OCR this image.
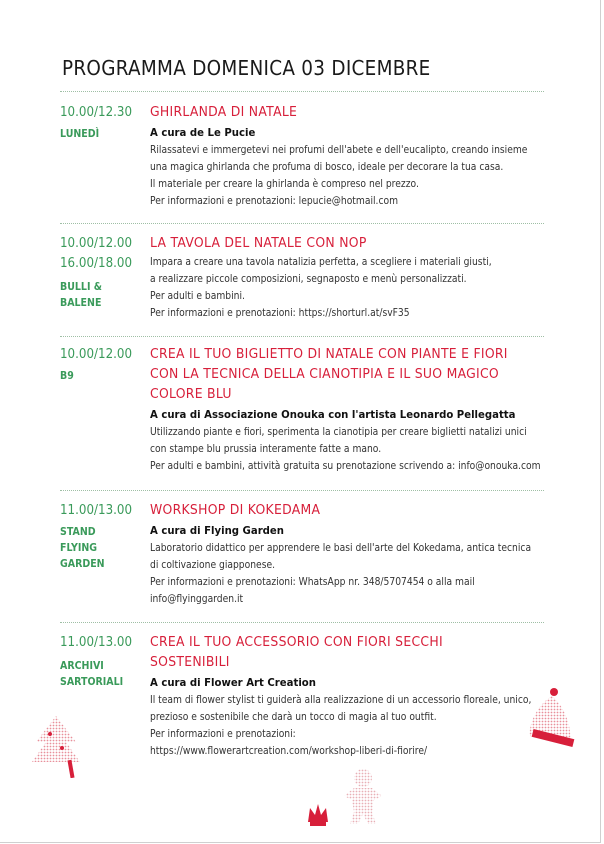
PROGRAMMA DOMENICA 03 DICEMBRE
10.00/12.30
LUNEDÌ
GHIRLANDA DI NATALE
A cura de Le Pucie
Rilassatevi e immergetevi nei profumi dell'abete e dell'eucalipto, creando insieme
una magica ghirlanda che profuma di bosco, ideale per decorare la tua casa.
Il materiale per creare la ghirlanda è compreso nel prezzo.
Per informazioni e prenotazioni: lepucie@hotmail.com
10.00/12.00
16.00/18.00
BULLI &
BALENE
LA TAVOLA DEL NATALE CON NOP
Impara a creare una tavola natalizia perfetta, a scegliere i materiali giusti,
a realizzare piccole composizioni, segnaposto e menù personalizzati.
Per adulti e bambini.
Per informazioni e prenotazioni: https://shorturl.at/svF35
10.00/12.00
B9
CREA IL TUO BIGLIETTO DI NATALE CON PIANTE E FIORI
CON LA TECNICA DELLA CIANOTIPIA E IL SUO MAGICO
COLORE BLU
A cura di Associazione Onouka con l'artista Leonardo Pellegatta
Utilizzando piante e fiori, sperimenta la cianotipia per creare biglietti natalizi unici
con stampe blu prussia interamente fatte a mano.
Per adulti e bambini, attività gratuita su prenotazione scrivendo a: info@onouka.com
11.00/13.00
STAND FLYING
GARDEN
WORKSHOP DI KOKEDAMA
A cura di Flying Garden
Laboratorio didattico per apprendere le basi dell'arte del Kokedama, antica tecnica
di coltivazione giapponese.
Per informazioni e prenotazioni: WhatsApp nr. 348/5707454 o alla mail
info@flyinggarden.it
11.00/13.00
ARCHIVI
SARTORIALI
CREA IL TUO ACCESSORIO CON FIORI SECCHI SOSTENIBILI
A cura di Flower Art Creation
Il team di flower stylist ti guiderà alla realizzazione di un accessorio floreale, unico,
prezioso e sostenibile che darà un tocco di magia al tuo outfit.
Per informazioni e prenotazioni:
https://www.flowerartcreation.com/workshop-liberi-di-fiorire/
